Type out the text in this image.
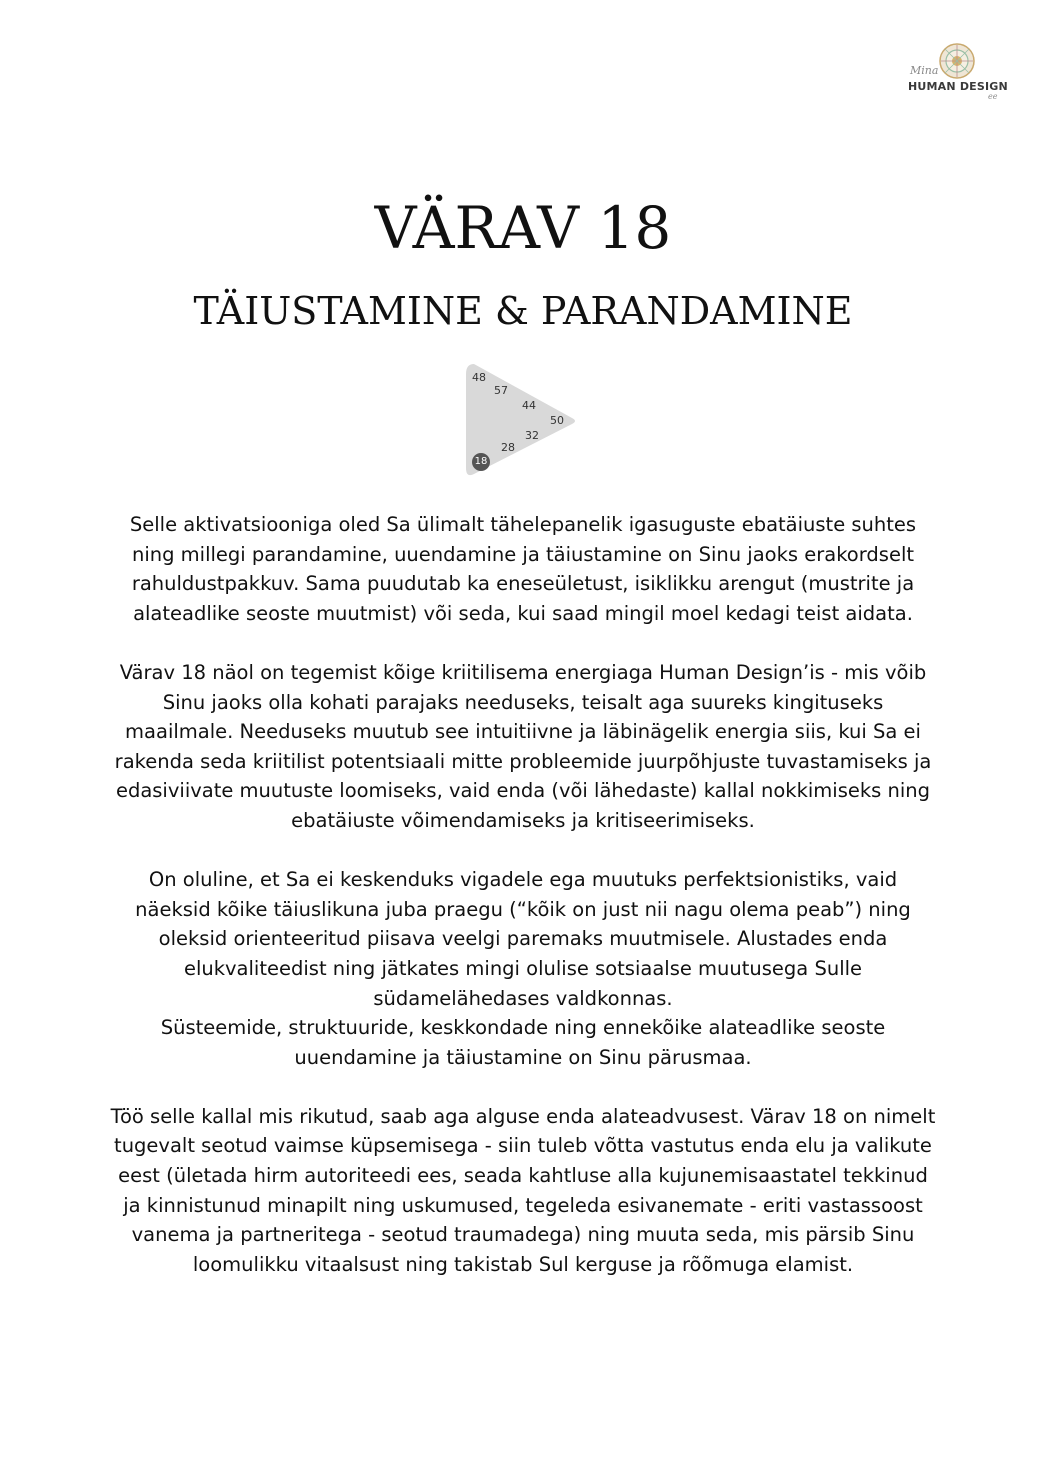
Mina
HUMAN DESIGN
ee
VÄRAV 18
TÄIUSTAMINE & PARANDAMINE
48
57
44
50
32
28
18

Selle aktivatsiooniga oled Sa ülimalt tähelepanelik igasuguste ebatäiuste suhtes ning millegi parandamine, uuendamine ja täiustamine on Sinu jaoks erakordselt rahuldustpakkuv. Sama puudutab ka eneseületust, isiklikku arengut (mustrite ja alateadlike seoste muutmist) või seda, kui saad mingil moel kedagi teist aidata.

Värav 18 näol on tegemist kõige kriitilisema energiaga Human Design’is - mis võib Sinu jaoks olla kohati parajaks needuseks, teisalt aga suureks kingituseks maailmale. Needuseks muutub see intuitiivne ja läbinägelik energia siis, kui Sa ei rakenda seda kriitilist potentsiaali mitte probleemide juurpõhjuste tuvastamiseks ja edasiviivate muutuste loomiseks, vaid enda (või lähedaste) kallal nokkimiseks ning ebatäiuste võimendamiseks ja kritiseerimiseks.

On oluline, et Sa ei keskenduks vigadele ega muutuks perfektsionistiks, vaid näeksid kõike täiuslikuna juba praegu (“kõik on just nii nagu olema peab”) ning oleksid orienteeritud piisava veelgi paremaks muutmisele. Alustades enda elukvaliteedist ning jätkates mingi olulise sotsiaalse muutusega Sulle südamelähedases valdkonnas.

Süsteemide, struktuuride, keskkondade ning ennekõike alateadlike seoste uuendamine ja täiustamine on Sinu pärusmaa.

Töö selle kallal mis rikutud, saab aga alguse enda alateadvusest. Värav 18 on nimelt tugevalt seotud vaimse küpsemisega - siin tuleb võtta vastutus enda elu ja valikute eest (ületada hirm autoriteedi ees, seada kahtluse alla kujunemisaastatel tekkinud ja kinnistunud minapilt ning uskumused, tegeleda esivanemate - eriti vastassoost vanema ja partneritega - seotud traumadega) ning muuta seda, mis pärsib Sinu loomulikku vitaalsust ning takistab Sul kerguse ja rõõmuga elamist.
